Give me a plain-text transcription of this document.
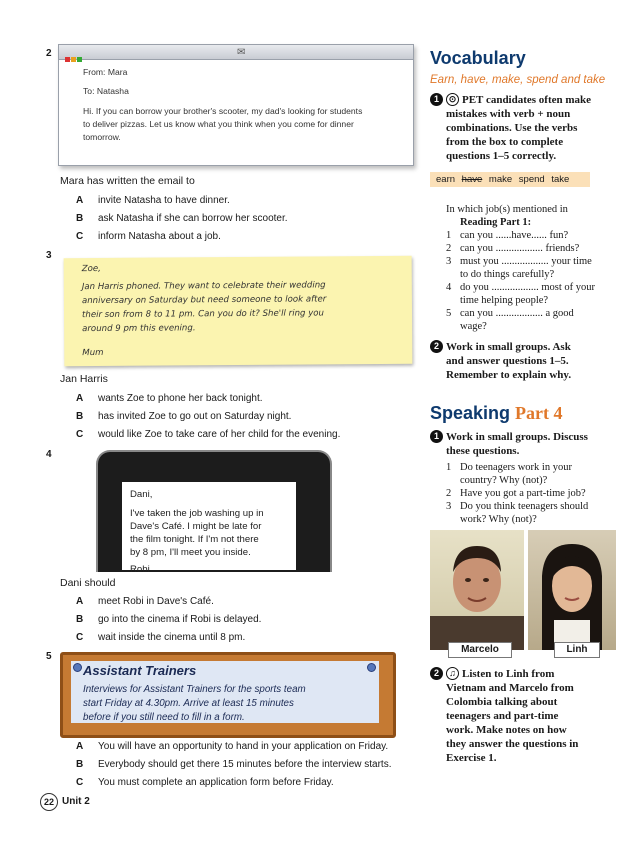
2	✉
From: Mara
To: Natasha
Hi. If you can borrow your brother's scooter, my dad's looking for students
to deliver pizzas. Let us know what you think when you come for dinner
tomorrow.
Mara has written the email to
A invite Natasha to have dinner.
B ask Natasha if she can borrow her scooter.
C inform Natasha about a job.
3
Zoe,
Jan Harris phoned. They want to celebrate their wedding
anniversary on Saturday but need someone to look after
their son from 8 to 11 pm. Can you do it? She'll ring you
around 9 pm this evening.
Mum
Jan Harris
A wants Zoe to phone her back tonight.
B has invited Zoe to go out on Saturday night.
C would like Zoe to take care of her child for the evening.
4

Dani,

I've taken the job washing up in

Dave's Café. I might be late for

the film tonight. If I'm not there

by 8 pm, I'll meet you inside.

Robi

Dani should
A meet Robi in Dave's Café.
B go into the cinema if Robi is delayed.
C wait inside the cinema until 8 pm.
5
Assistant Trainers
Interviews for Assistant Trainers for the sports team
start Friday at 4.30pm. Arrive at least 15 minutes
before if you still need to fill in a form.
A You will have an opportunity to hand in your application on Friday.
B Everybody should get there 15 minutes before the interview starts.
C You must complete an application form before Friday.
22 Unit 2
Vocabulary
Earn, have, make, spend and take
1 ⊙ PET candidates often make
mistakes with verb + noun
combinations. Use the verbs
from the box to complete
questions 1–5 correctly.
earn have make spend take
In which job(s) mentioned in
Reading Part 1:
1 can you ......have...... fun?
2 can you .................. friends?
3 must you .................. your time
to do things carefully?
4 do you .................. most of your
time helping people?
5 can you .................. a good
wage?
2 Work in small groups. Ask
and answer questions 1–5.
Remember to explain why.
Speaking Part 4
1 Work in small groups. Discuss
these questions.
1 Do teenagers work in your
country? Why (not)?
2 Have you got a part-time job?
3 Do you think teenagers should
work? Why (not)?
Marcelo	Linh
2 ♫ Listen to Linh from
Vietnam and Marcelo from
Colombia talking about
teenagers and part-time
work. Make notes on how
they answer the questions in
Exercise 1.
